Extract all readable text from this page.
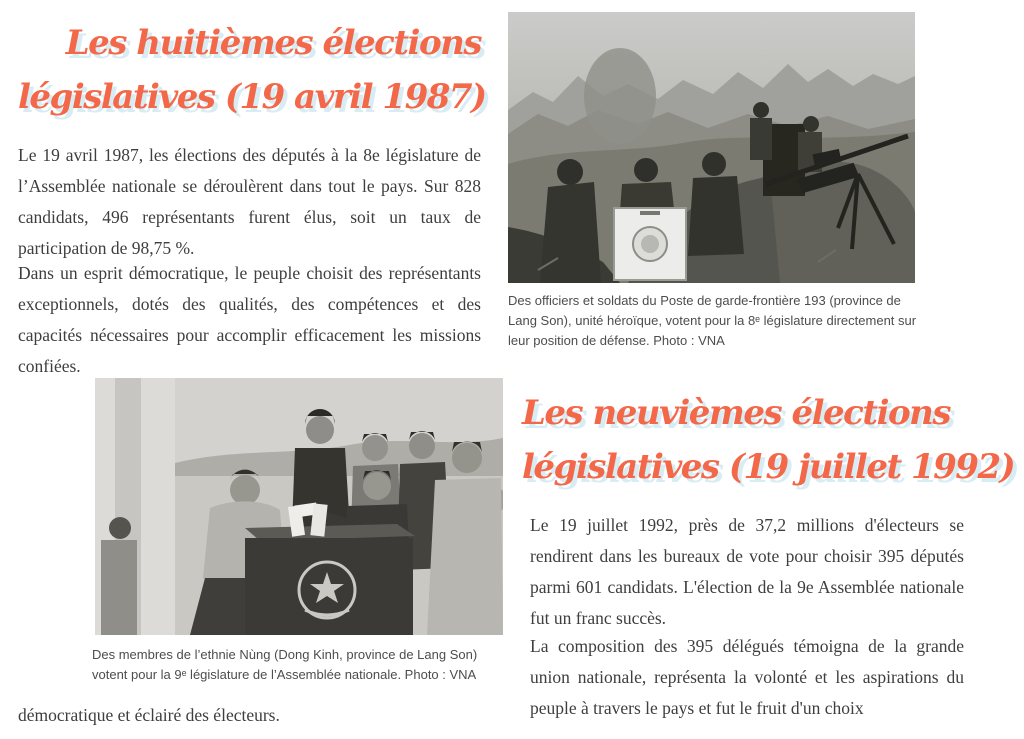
Les huitièmes élections
législatives (19 avril 1987)
Le 19 avril 1987, les élections des députés à la 8e législature de l’Assemblée nationale se déroulèrent dans tout le pays. Sur 828 candidats, 496 représentants furent élus, soit un taux de participation de 98,75 %.
Dans un esprit démocratique, le peuple choisit des représentants exceptionnels, dotés des qualités, des compétences et des capacités nécessaires pour accomplir efficacement les missions confiées.
Des officiers et soldats du Poste de garde-frontière 193 (province de Lang Son), unité héroïque, votent pour la 8ᵉ législature directement sur leur position de défense. Photo : VNA
Des membres de l’ethnie Nùng (Dong Kinh, province de Lang Son) votent pour la 9ᵉ législature de l’Assemblée nationale. Photo : VNA
Les neuvièmes élections
législatives (19 juillet 1992)
Le 19 juillet 1992, près de 37,2 millions d'électeurs se rendirent dans les bureaux de vote pour choisir 395 députés parmi 601 candidats. L'élection de la 9e Assemblée nationale fut un franc succès.
La composition des 395 délégués témoigna de la grande union nationale, représenta la volonté et les aspirations du peuple à travers le pays et fut le fruit d'un choix
démocratique et éclairé des électeurs.
